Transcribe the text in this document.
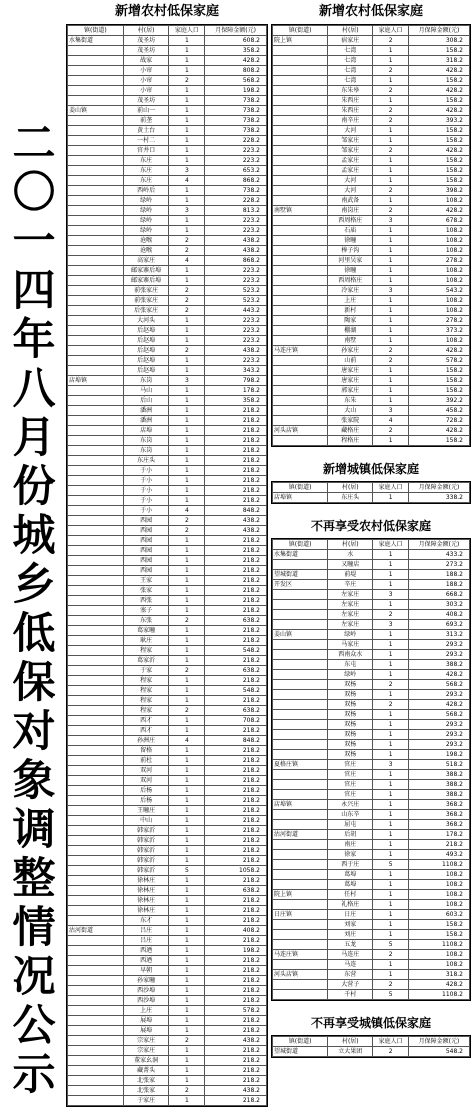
二
〇
一
四
年
八
月
份
城
乡
低
保
对
象
调
整
情
况
公
示
新增农村低保家庭
镇(街道)	村(居)	家庭人口	月保障金额(元)
水集街道	茂圣坊	1	608.2
	茂圣坊	1	358.2
	战家	1	428.2
	小帘	1	808.2
	小帘	2	568.2
	小帘	1	198.2
	茂圣坊	1	738.2
姜山镇	前山一	1	738.2
	前垄	1	738.2
	黄土台	1	738.2
	一村二	1	228.2
	官井口	1	223.2
	东庄	1	223.2
	东庄	3	653.2
	东庄	4	868.2
	西岭后	1	738.2
	绿岭	1	228.2
	绿岭	3	813.2
	绿岭	1	223.2
	绿岭	1	223.2
	沧喉	2	438.2
	沧喉	2	438.2
	高家庄	4	868.2
	邮家寨后埠	1	223.2
	邮家寨后埠	1	223.2
	前张家庄	2	523.2
	前张家庄	2	523.2
	后张家庄	2	443.2
	大河头	1	223.2
	后赵埠	1	223.2
	后赵埠	1	223.2
	后赵埠	2	438.2
	后赵埠	1	223.2
	后赵埠	1	343.2
店埠镇	东岗	3	798.2
	马山	1	178.2
	后山	1	358.2
	潘洲	1	218.2
	潘洲	1	218.2
	店埠	1	218.2
	东岗	1	218.2
	东岗	1	218.2
	东庄头	1	218.2
	于小	1	218.2
	于小	1	218.2
	于小	1	218.2
	于小	1	218.2
	于小	4	848.2
	西园	2	438.2
	西园	2	438.2
	西园	1	218.2
	西园	1	218.2
	西园	1	218.2
	西园	1	218.2
	王家	1	218.2
	张家	1	218.2
	西张	1	218.2
	塞子	1	218.2
	东张	2	638.2
	葛家疃	1	218.2
	耿庄	1	218.2
	程家	1	548.2
	葛家沂	1	218.2
	于家	2	638.2
	程家	1	218.2
	程家	1	548.2
	程家	1	218.2
	程家	2	638.2
	西才	1	708.2
	西才	1	218.2
	孙洲庄	4	848.2
	留格	1	218.2
	前杜	1	218.2
	双河	1	218.2
	双河	1	218.2
	后杨	1	218.2
	后杨	1	218.2
	王疃庄	1	218.2
	中山	1	218.2
	韩家沂	1	218.2
	韩家沂	1	218.2
	韩家沂	1	218.2
	韩家沂	1	218.2
	韩家沂	5	1058.2
	徐林庄	1	218.2
	徐林庄	1	638.2
	徐林庄	1	218.2
	徐林庄	1	218.2
	东才	1	218.2
沽河街道	吕庄	1	408.2
	吕庄	1	218.2
	西迺	1	198.2
	西迺	1	218.2
	早朝	1	218.2
	孙家疃	1	218.2
	西沙埠	1	218.2
	西沙埠	1	218.2
	上庄	1	578.2
	展埠	1	218.2
	展埠	1	218.2
	宗家庄	2	438.2
	宗家庄	1	218.2
	董家幺洞	1	218.2
	藏菁头	1	218.2
	北张家	1	218.2
	北张家	2	438.2
	于家庄	1	218.2
新增农村低保家庭
镇(街道)	村(居)	家庭人口	月保障金额(元)
院上镇	宿家庄	2	308.2
	七湾	1	158.2
	七湾	1	318.2
	七湾	2	428.2
	七湾	1	158.2
	东朱皋	2	428.2
	朱西庄	1	158.2
	朱西庄	2	428.2
	南辛庄	2	393.2
	大河	1	158.2
	邹家庄	1	158.2
	邹家庄	2	428.2
	孟家庄	1	158.2
	孟家庄	1	158.2
	大河	1	158.2
	大河	2	398.2
	南武备	1	108.2
南墅镇	南岗庄	2	428.2
	西周格庄	3	678.2
	石庙	1	108.2
	徐疃	1	108.2
	棒子沟	1	108.2
	河里吴家	1	278.2
	徐疃	1	108.2
	西周格庄	1	108.2
	冷家庄	3	543.2
	上庄	1	108.2
	新村	1	108.2
	陶家	1	278.2
	棚湖	1	373.2
	南墅	1	108.2
马连庄镇	孙家庄	2	428.2
	山前	2	578.2
	唐家庄	1	158.2
	唐家庄	1	158.2
	郭家庄	1	158.2
	东朱	1	392.2
	大山	3	458.2
	张家院	4	728.2
河头店镇	藏格庄	2	428.2
	程格庄	1	158.2
新增城镇低保家庭
镇(街道)	村(居)	家庭人口	月保障金额(元)
店埠镇	东庄头	1	338.2
不再享受农村低保家庭
镇(街道)	村(居)	家庭人口	月保障金额(元)
水集街道	水	1	433.2
	又疃店	1	273.2
望城街道	前堤	1	188.2
开发区	辛庄	1	188.2
	左家庄	3	668.2
	左家庄	1	303.2
	左家庄	2	408.2
	左家庄	3	693.2
姜山镇	绿岭	1	313.2
	马家庄	1	293.2
	西南众水	1	293.2
	东屯	1	388.2
	绿岭	1	428.2
	双杨	2	568.2
	双杨	1	293.2
	双杨	2	428.2
	双杨	1	568.2
	双杨	1	293.2
	双杨	1	293.2
	双杨	1	293.2
	双杨	1	198.2
夏格庄镇	官庄	3	518.2
	官庄	1	388.2
	官庄	1	388.2
	官庄	1	388.2
店埠镇	永兴庄	1	368.2
	山东辛	1	368.2
	屈屯	1	368.2
沽河街道	后胡	1	178.2
	南庄	1	218.2
	徐家	1	493.2
	西于庄	5	1108.2
	葛埠	1	108.2
	葛埠	1	108.2
院上镇	任村	1	108.2
	礼格庄	1	108.2
日庄镇	日庄	1	603.2
	刘家	1	158.2
	刘庄	1	158.2
	五龙	5	1108.2
马连庄镇	马连庄	2	108.2
	马连	1	108.2
河头店镇	东营	1	318.2
	大营子	2	428.2
	千村	5	1108.2
不再享受城镇低保家庭
镇(街道)	村(居)	家庭人口	月保障金额(元)
望城街道	立大果团	2	548.2
